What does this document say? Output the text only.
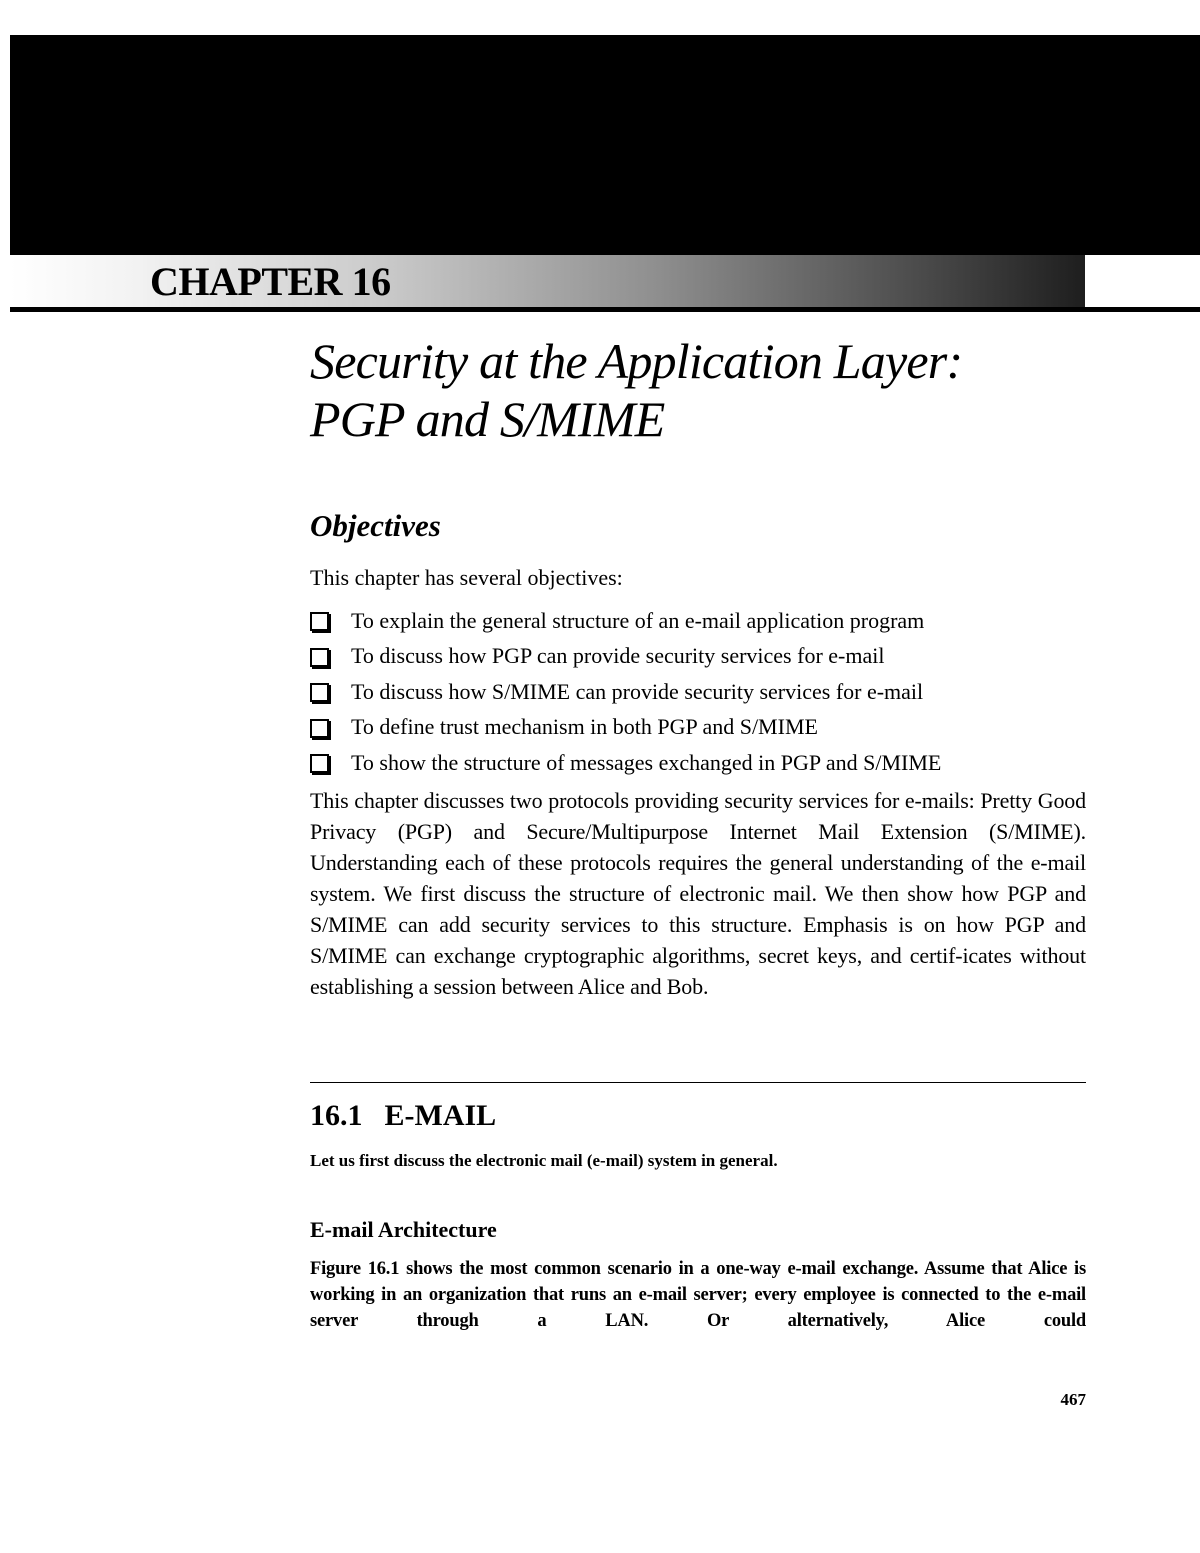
CHAPTER 16
Security at the Application Layer:
PGP and S/MIME
Objectives
This chapter has several objectives:
To explain the general structure of an e-mail application program
To discuss how PGP can provide security services for e-mail
To discuss how S/MIME can provide security services for e-mail
To define trust mechanism in both PGP and S/MIME
To show the structure of messages exchanged in PGP and S/MIME

This chapter discusses two protocols providing security services for e-mails: Pretty Good Privacy (PGP) and Secure/Multipurpose Internet Mail Extension (S/MIME). Understanding each of these protocols requires the general understanding of the e-mail system. We first discuss the structure of electronic mail. We then show how PGP and S/MIME can add security services to this structure. Emphasis is on how PGP and S/MIME can exchange cryptographic algorithms, secret keys, and certif-icates without establishing a session between Alice and Bob.

16.1 E-MAIL
Let us first discuss the electronic mail (e-mail) system in general.
E-mail Architecture

Figure 16.1 shows the most common scenario in a one-way e-mail exchange. Assume that Alice is working in an organization that runs an e-mail server; every employee is connected to the e-mail server through a LAN. Or alternatively, Alice could

467
